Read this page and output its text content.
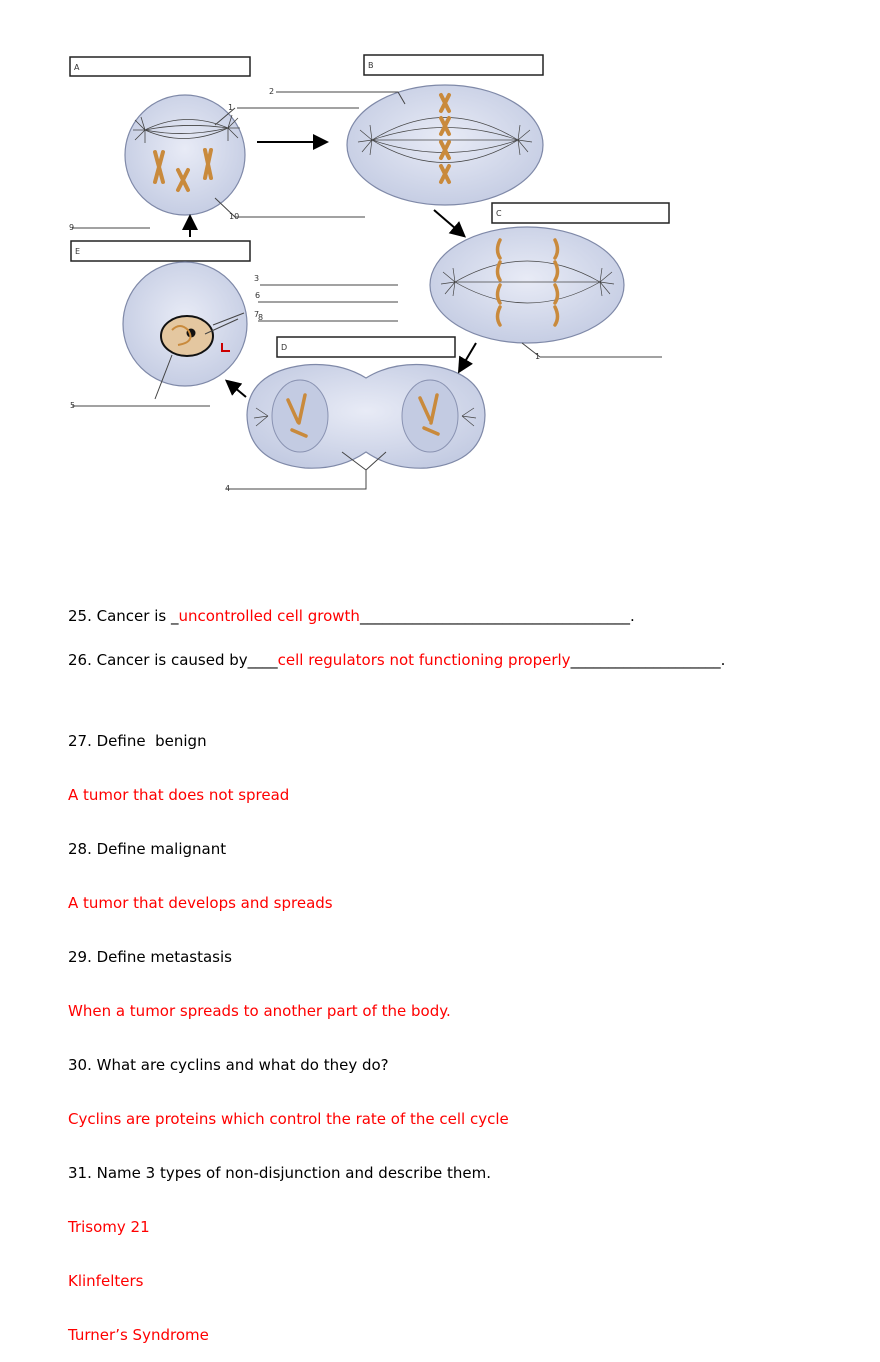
A	B
C
D
E
1
2
3
4
5
6
7
8
9
10
1

25. Cancer is _uncontrolled cell growth____________________________________.

26. Cancer is caused by____cell regulators not functioning properly____________________.

27. Define  benign

A tumor that does not spread

28. Define malignant

A tumor that develops and spreads

29. Define metastasis

When a tumor spreads to another part of the body.

30. What are cyclins and what do they do?

Cyclins are proteins which control the rate of the cell cycle

31. Name 3 types of non-disjunction and describe them.

Trisomy 21

Klinfelters

Turner’s Syndrome
